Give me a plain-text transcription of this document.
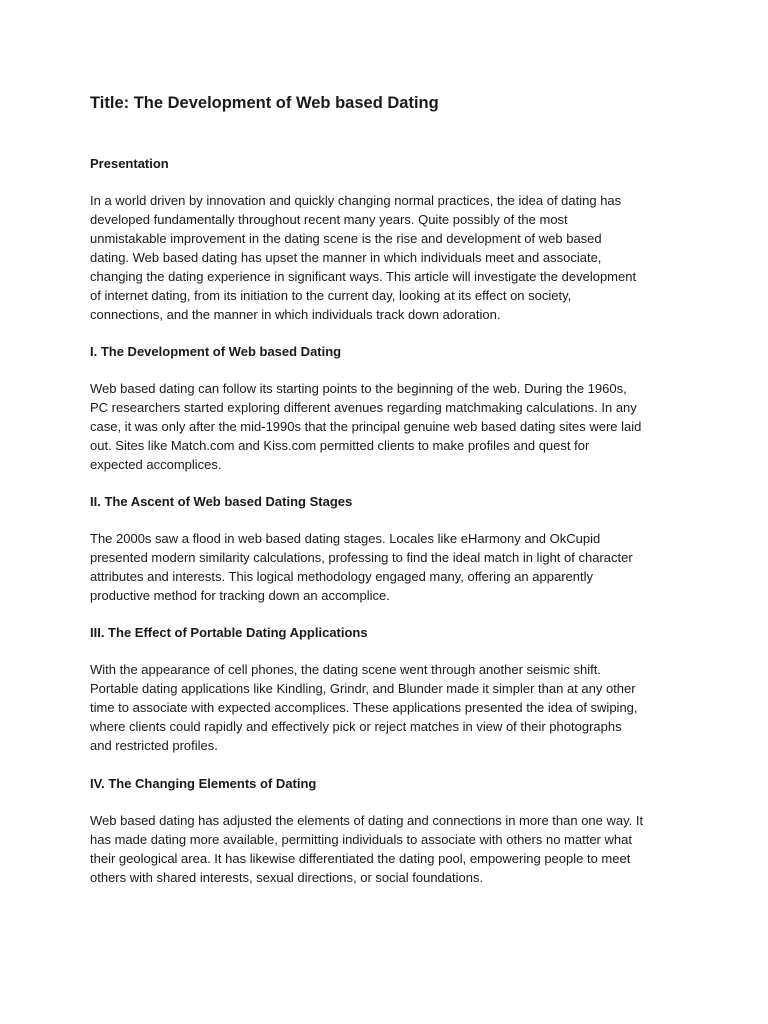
Title: The Development of Web based Dating
Presentation
In a world driven by innovation and quickly changing normal practices, the idea of dating has
developed fundamentally throughout recent many years. Quite possibly of the most
unmistakable improvement in the dating scene is the rise and development of web based
dating. Web based dating has upset the manner in which individuals meet and associate,
changing the dating experience in significant ways. This article will investigate the development
of internet dating, from its initiation to the current day, looking at its effect on society,
connections, and the manner in which individuals track down adoration.
I. The Development of Web based Dating
Web based dating can follow its starting points to the beginning of the web. During the 1960s,
PC researchers started exploring different avenues regarding matchmaking calculations. In any
case, it was only after the mid-1990s that the principal genuine web based dating sites were laid
out. Sites like Match.com and Kiss.com permitted clients to make profiles and quest for
expected accomplices.
II. The Ascent of Web based Dating Stages
The 2000s saw a flood in web based dating stages. Locales like eHarmony and OkCupid
presented modern similarity calculations, professing to find the ideal match in light of character
attributes and interests. This logical methodology engaged many, offering an apparently
productive method for tracking down an accomplice.
III. The Effect of Portable Dating Applications
With the appearance of cell phones, the dating scene went through another seismic shift.
Portable dating applications like Kindling, Grindr, and Blunder made it simpler than at any other
time to associate with expected accomplices. These applications presented the idea of swiping,
where clients could rapidly and effectively pick or reject matches in view of their photographs
and restricted profiles.
IV. The Changing Elements of Dating
Web based dating has adjusted the elements of dating and connections in more than one way. It
has made dating more available, permitting individuals to associate with others no matter what
their geological area. It has likewise differentiated the dating pool, empowering people to meet
others with shared interests, sexual directions, or social foundations.
